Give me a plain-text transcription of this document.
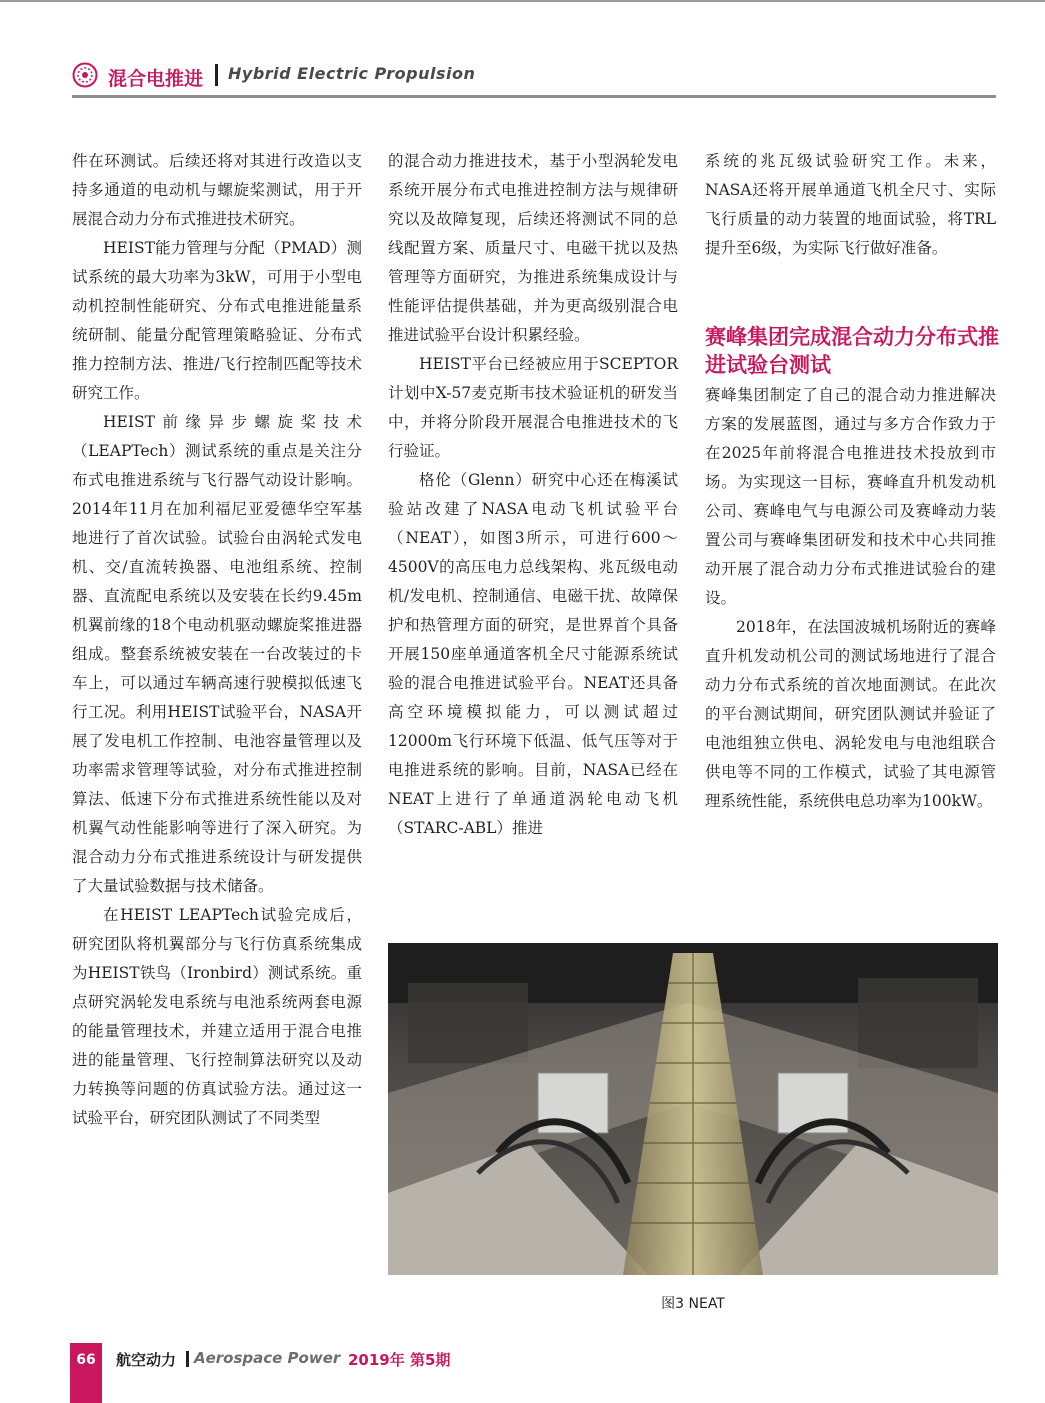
混合电推进 Hybrid Electric Propulsion

件在环测试。后续还将对其进行改造以支持多通道的电动机与螺旋桨测试，用于开展混合动力分布式推进技术研究。

HEIST能力管理与分配（PMAD）测试系统的最大功率为3kW，可用于小型电动机控制性能研究、分布式电推进能量系统研制、能量分配管理策略验证、分布式推力控制方法、推进/飞行控制匹配等技术研究工作。

HEIST前缘异步螺旋桨技术（LEAPTech）测试系统的重点是关注分布式电推进系统与飞行器气动设计影响。2014年11月在加利福尼亚爱德华空军基地进行了首次试验。试验台由涡轮式发电机、交/直流转换器、电池组系统、控制器、直流配电系统以及安装在长约9.45m机翼前缘的18个电动机驱动螺旋桨推进器组成。整套系统被安装在一台改装过的卡车上，可以通过车辆高速行驶模拟低速飞行工况。利用HEIST试验平台，NASA开展了发电机工作控制、电池容量管理以及功率需求管理等试验，对分布式推进控制算法、低速下分布式推进系统性能以及对机翼气动性能影响等进行了深入研究。为混合动力分布式推进系统设计与研发提供了大量试验数据与技术储备。

在HEIST LEAPTech试验完成后，研究团队将机翼部分与飞行仿真系统集成为HEIST铁鸟（Ironbird）测试系统。重点研究涡轮发电系统与电池系统两套电源的能量管理技术，并建立适用于混合电推进的能量管理、飞行控制算法研究以及动力转换等问题的仿真试验方法。通过这一试验平台，研究团队测试了不同类型

的混合动力推进技术，基于小型涡轮发电系统开展分布式电推进控制方法与规律研究以及故障复现，后续还将测试不同的总线配置方案、质量尺寸、电磁干扰以及热管理等方面研究，为推进系统集成设计与性能评估提供基础，并为更高级别混合电推进试验平台设计积累经验。

HEIST平台已经被应用于SCEPTOR计划中X-57麦克斯韦技术验证机的研发当中，并将分阶段开展混合电推进技术的飞行验证。

格伦（Glenn）研究中心还在梅溪试验站改建了NASA电动飞机试验平台（NEAT），如图3所示，可进行600～4500V的高压电力总线架构、兆瓦级电动机/发电机、控制通信、电磁干扰、故障保护和热管理方面的研究，是世界首个具备开展150座单通道客机全尺寸能源系统试验的混合电推进试验平台。NEAT还具备高空环境模拟能力，可以测试超过12000m飞行环境下低温、低气压等对于电推进系统的影响。目前，NASA已经在NEAT上进行了单通道涡轮电动飞机（STARC-ABL）推进

系统的兆瓦级试验研究工作。未来，NASA还将开展单通道飞机全尺寸、实际飞行质量的动力装置的地面试验，将TRL提升至6级，为实际飞行做好准备。

赛峰集团完成混合动力分布式推进试验台测试

赛峰集团制定了自己的混合动力推进解决方案的发展蓝图，通过与多方合作致力于在2025年前将混合电推进技术投放到市场。为实现这一目标，赛峰直升机发动机公司、赛峰电气与电源公司及赛峰动力装置公司与赛峰集团研发和技术中心共同推动开展了混合动力分布式推进试验台的建设。

2018年，在法国波城机场附近的赛峰直升机发动机公司的测试场地进行了混合动力分布式系统的首次地面测试。在此次的平台测试期间，研究团队测试并验证了电池组独立供电、涡轮发电与电池组联合供电等不同的工作模式，试验了其电源管理系统性能，系统供电总功率为100kW。

图3 NEAT
66	航空动力 Aerospace Power 2019年 第5期
